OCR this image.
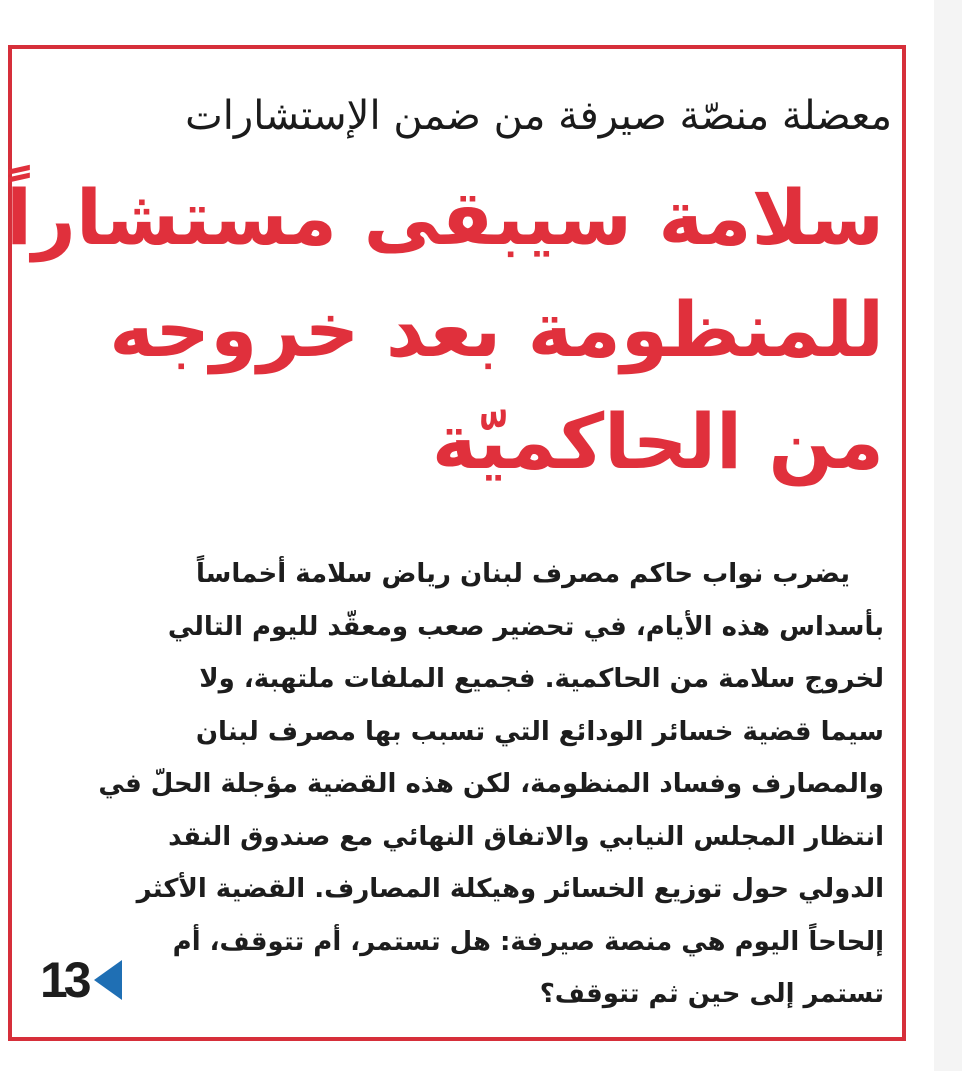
معضلة منصّة صيرفة من ضمن الإستشارات
سلامة سيبقى مستشاراً
للمنظومة بعد خروجه
من الحاكميّة
يضرب نواب حاكم مصرف لبنان رياض سلامة أخماساً
بأسداس هذه الأيام، في تحضير صعب ومعقّد لليوم التالي
لخروج سلامة من الحاكمية. فجميع الملفات ملتهبة، ولا
سيما قضية خسائر الودائع التي تسبب بها مصرف لبنان
والمصارف وفساد المنظومة، لكن هذه القضية مؤجلة الحلّ في
انتظار المجلس النيابي والاتفاق النهائي مع صندوق النقد
الدولي حول توزيع الخسائر وهيكلة المصارف. القضية الأكثر
إلحاحاً اليوم هي منصة صيرفة: هل تستمر، أم تتوقف، أم
تستمر إلى حين ثم تتوقف؟
13
